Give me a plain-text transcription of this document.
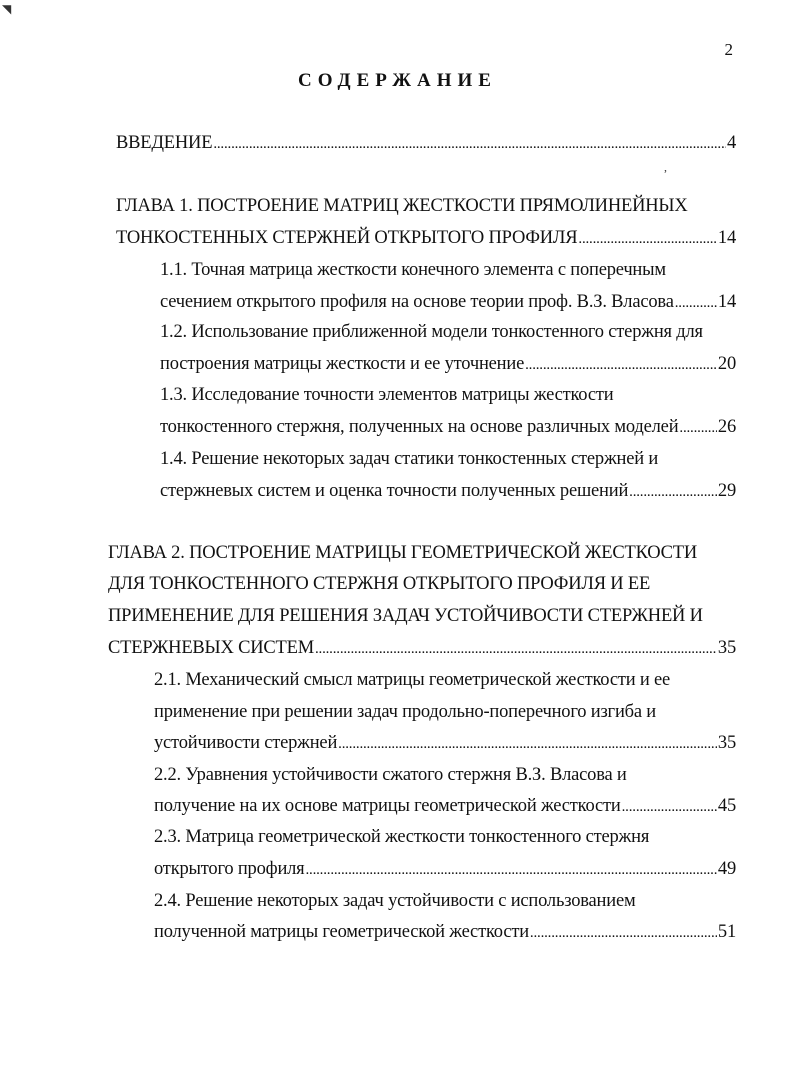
◥
,
2
СОДЕРЖАНИЕ
ВВЕДЕНИЕ .....	4
ГЛАВА 1. ПОСТРОЕНИЕ МАТРИЦ ЖЕСТКОСТИ ПРЯМОЛИНЕЙНЫХ
ТОНКОСТЕННЫХ СТЕРЖНЕЙ ОТКРЫТОГО ПРОФИЛЯ .....	14
1.1. Точная матрица жесткости конечного элемента с поперечным
сечением открытого профиля на основе теории проф. В.З. Власова ..... 14
1.2. Использование приближенной модели тонкостенного стержня для
построения матрицы жесткости и ее уточнение .....	20
1.3. Исследование точности элементов матрицы жесткости
тонкостенного стержня, полученных на основе различных моделей ..... 26
1.4. Решение некоторых задач статики тонкостенных стержней и
стержневых систем и оценка точности полученных решений .....	29
ГЛАВА 2. ПОСТРОЕНИЕ МАТРИЦЫ ГЕОМЕТРИЧЕСКОЙ ЖЕСТКОСТИ
ДЛЯ ТОНКОСТЕННОГО СТЕРЖНЯ ОТКРЫТОГО ПРОФИЛЯ И ЕЕ
ПРИМЕНЕНИЕ ДЛЯ РЕШЕНИЯ ЗАДАЧ УСТОЙЧИВОСТИ СТЕРЖНЕЙ И
СТЕРЖНЕВЫХ СИСТЕМ .....	35
2.1. Механический смысл матрицы геометрической жесткости и ее
применение при решении задач продольно-поперечного изгиба и
устойчивости стержней .....	35
2.2. Уравнения устойчивости сжатого стержня В.З. Власова и
получение на их основе матрицы геометрической жесткости .....	45
2.3. Матрица геометрической жесткости тонкостенного стержня
открытого профиля .....	49
2.4. Решение некоторых задач устойчивости с использованием
полученной матрицы геометрической жесткости .....	51
